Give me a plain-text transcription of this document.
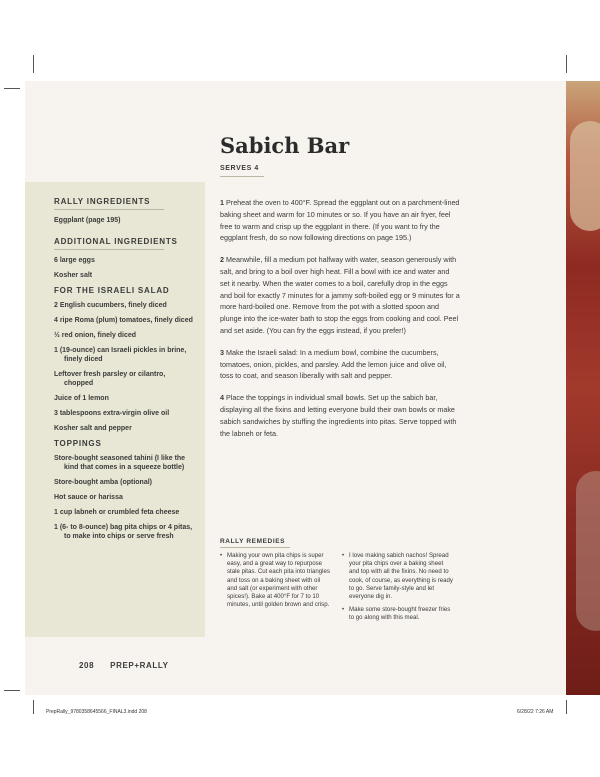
RALLY INGREDIENTS
Eggplant (page 195)
ADDITIONAL INGREDIENTS
6 large eggs
Kosher salt
FOR THE ISRAELI SALAD
2 English cucumbers, finely diced
4 ripe Roma (plum) tomatoes, finely diced
½ red onion, finely diced
1 (19-ounce) can Israeli pickles in brine, finely diced
Leftover fresh parsley or cilantro, chopped
Juice of 1 lemon
3 tablespoons extra-virgin olive oil
Kosher salt and pepper
TOPPINGS
Store-bought seasoned tahini (I like the kind that comes in a squeeze bottle)
Store-bought amba (optional)
Hot sauce or harissa
1 cup labneh or crumbled feta cheese
1 (6- to 8-ounce) bag pita chips or 4 pitas, to make into chips or serve fresh
Sabich Bar
SERVES 4

1 Preheat the oven to 400°F. Spread the eggplant out on a parchment-lined baking sheet and warm for 10 minutes or so. If you have an air fryer, feel free to warm and crisp up the eggplant in there. (If you want to fry the eggplant fresh, do so now following directions on page 195.)

2 Meanwhile, fill a medium pot halfway with water, season generously with salt, and bring to a boil over high heat. Fill a bowl with ice and water and set it nearby. When the water comes to a boil, carefully drop in the eggs and boil for exactly 7 minutes for a jammy soft-boiled egg or 9 minutes for a more hard-boiled one. Remove from the pot with a slotted spoon and plunge into the ice-water bath to stop the eggs from cooking and cool. Peel and set aside. (You can fry the eggs instead, if you prefer!)

3 Make the Israeli salad: In a medium bowl, combine the cucumbers, tomatoes, onion, pickles, and parsley. Add the lemon juice and olive oil, toss to coat, and season liberally with salt and pepper.

4 Place the toppings in individual small bowls. Set up the sabich bar, displaying all the fixins and letting everyone build their own bowls or make sabich sandwiches by stuffing the ingredients into pitas. Serve topped with the labneh or feta.

RALLY REMEDIES
• Making your own pita chips is super easy, and a great way to repurpose stale pitas. Cut each pita into triangles and toss on a baking sheet with oil and salt (or experiment with other spices!). Bake at 400°F for 7 to 10 minutes, until golden brown and crisp.
• I love making sabich nachos! Spread your pita chips over a baking sheet and top with all the fixins. No need to cook, of course, as everything is ready to go. Serve family-style and let everyone dig in.
• Make some store-bought freezer fries to go along with this meal.
208 PREP+RALLY
PrepRally_9780358645566_FINAL3.indd 208	6/28/22 7:26 AM
